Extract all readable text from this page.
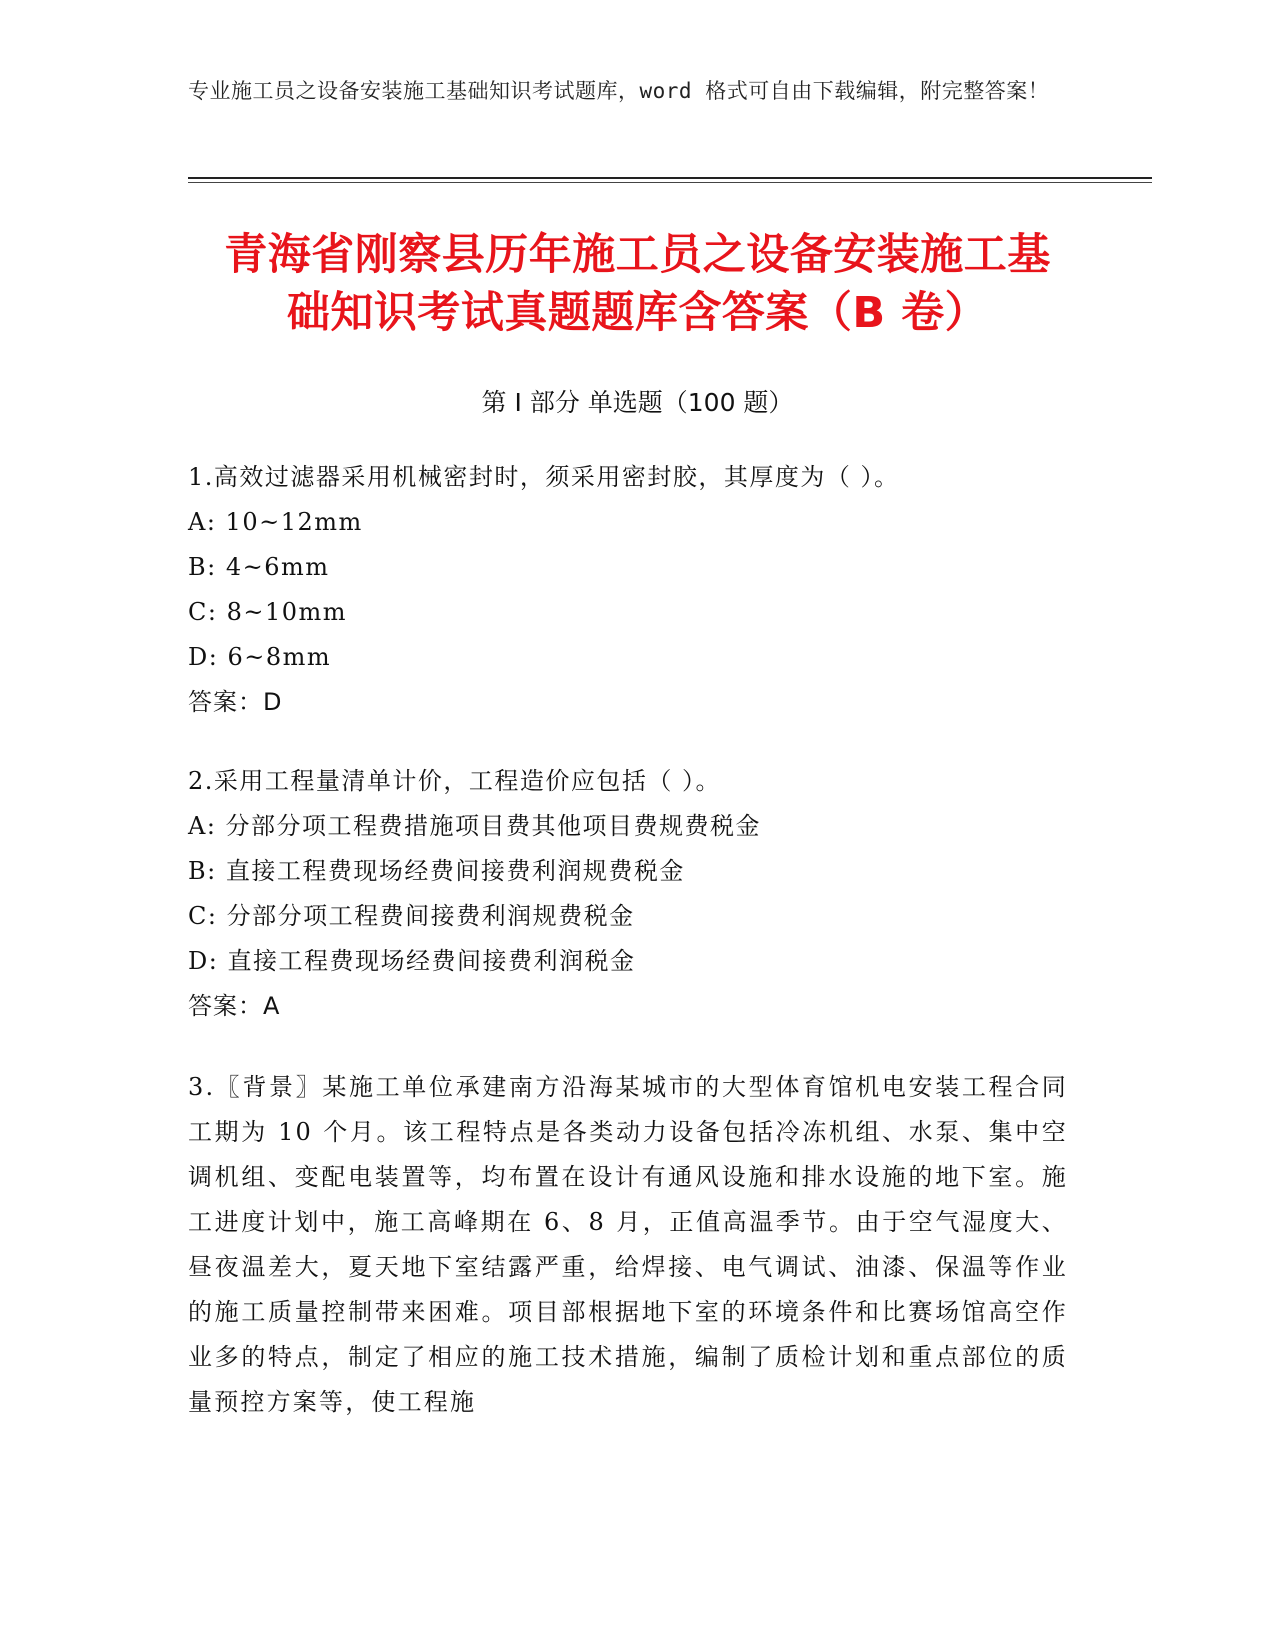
专业施工员之设备安装施工基础知识考试题库，word 格式可自由下载编辑，附完整答案！
青海省刚察县历年施工员之设备安装施工基
础知识考试真题题库含答案（B 卷）
第 I 部分 单选题（100 题）
1.高效过滤器采用机械密封时，须采用密封胶，其厚度为（ ）。
A: 10~12mm
B: 4~6mm
C: 8~10mm
D: 6~8mm
答案：D
2.采用工程量清单计价，工程造价应包括（ ）。
A: 分部分项工程费措施项目费其他项目费规费税金
B: 直接工程费现场经费间接费利润规费税金
C: 分部分项工程费间接费利润规费税金
D: 直接工程费现场经费间接费利润税金
答案：A
3.〖背景〗某施工单位承建南方沿海某城市的大型体育馆机电安装工程合同工期为 10 个月。该工程特点是各类动力设备包括冷冻机组、水泵、集中空调机组、变配电装置等，均布置在设计有通风设施和排水设施的地下室。施工进度计划中，施工高峰期在 6、8 月，正值高温季节。由于空气湿度大、昼夜温差大，夏天地下室结露严重，给焊接、电气调试、油漆、保温等作业的施工质量控制带来困难。项目部根据地下室的环境条件和比赛场馆高空作业多的特点，制定了相应的施工技术措施，编制了质检计划和重点部位的质量预控方案等，使工程施
